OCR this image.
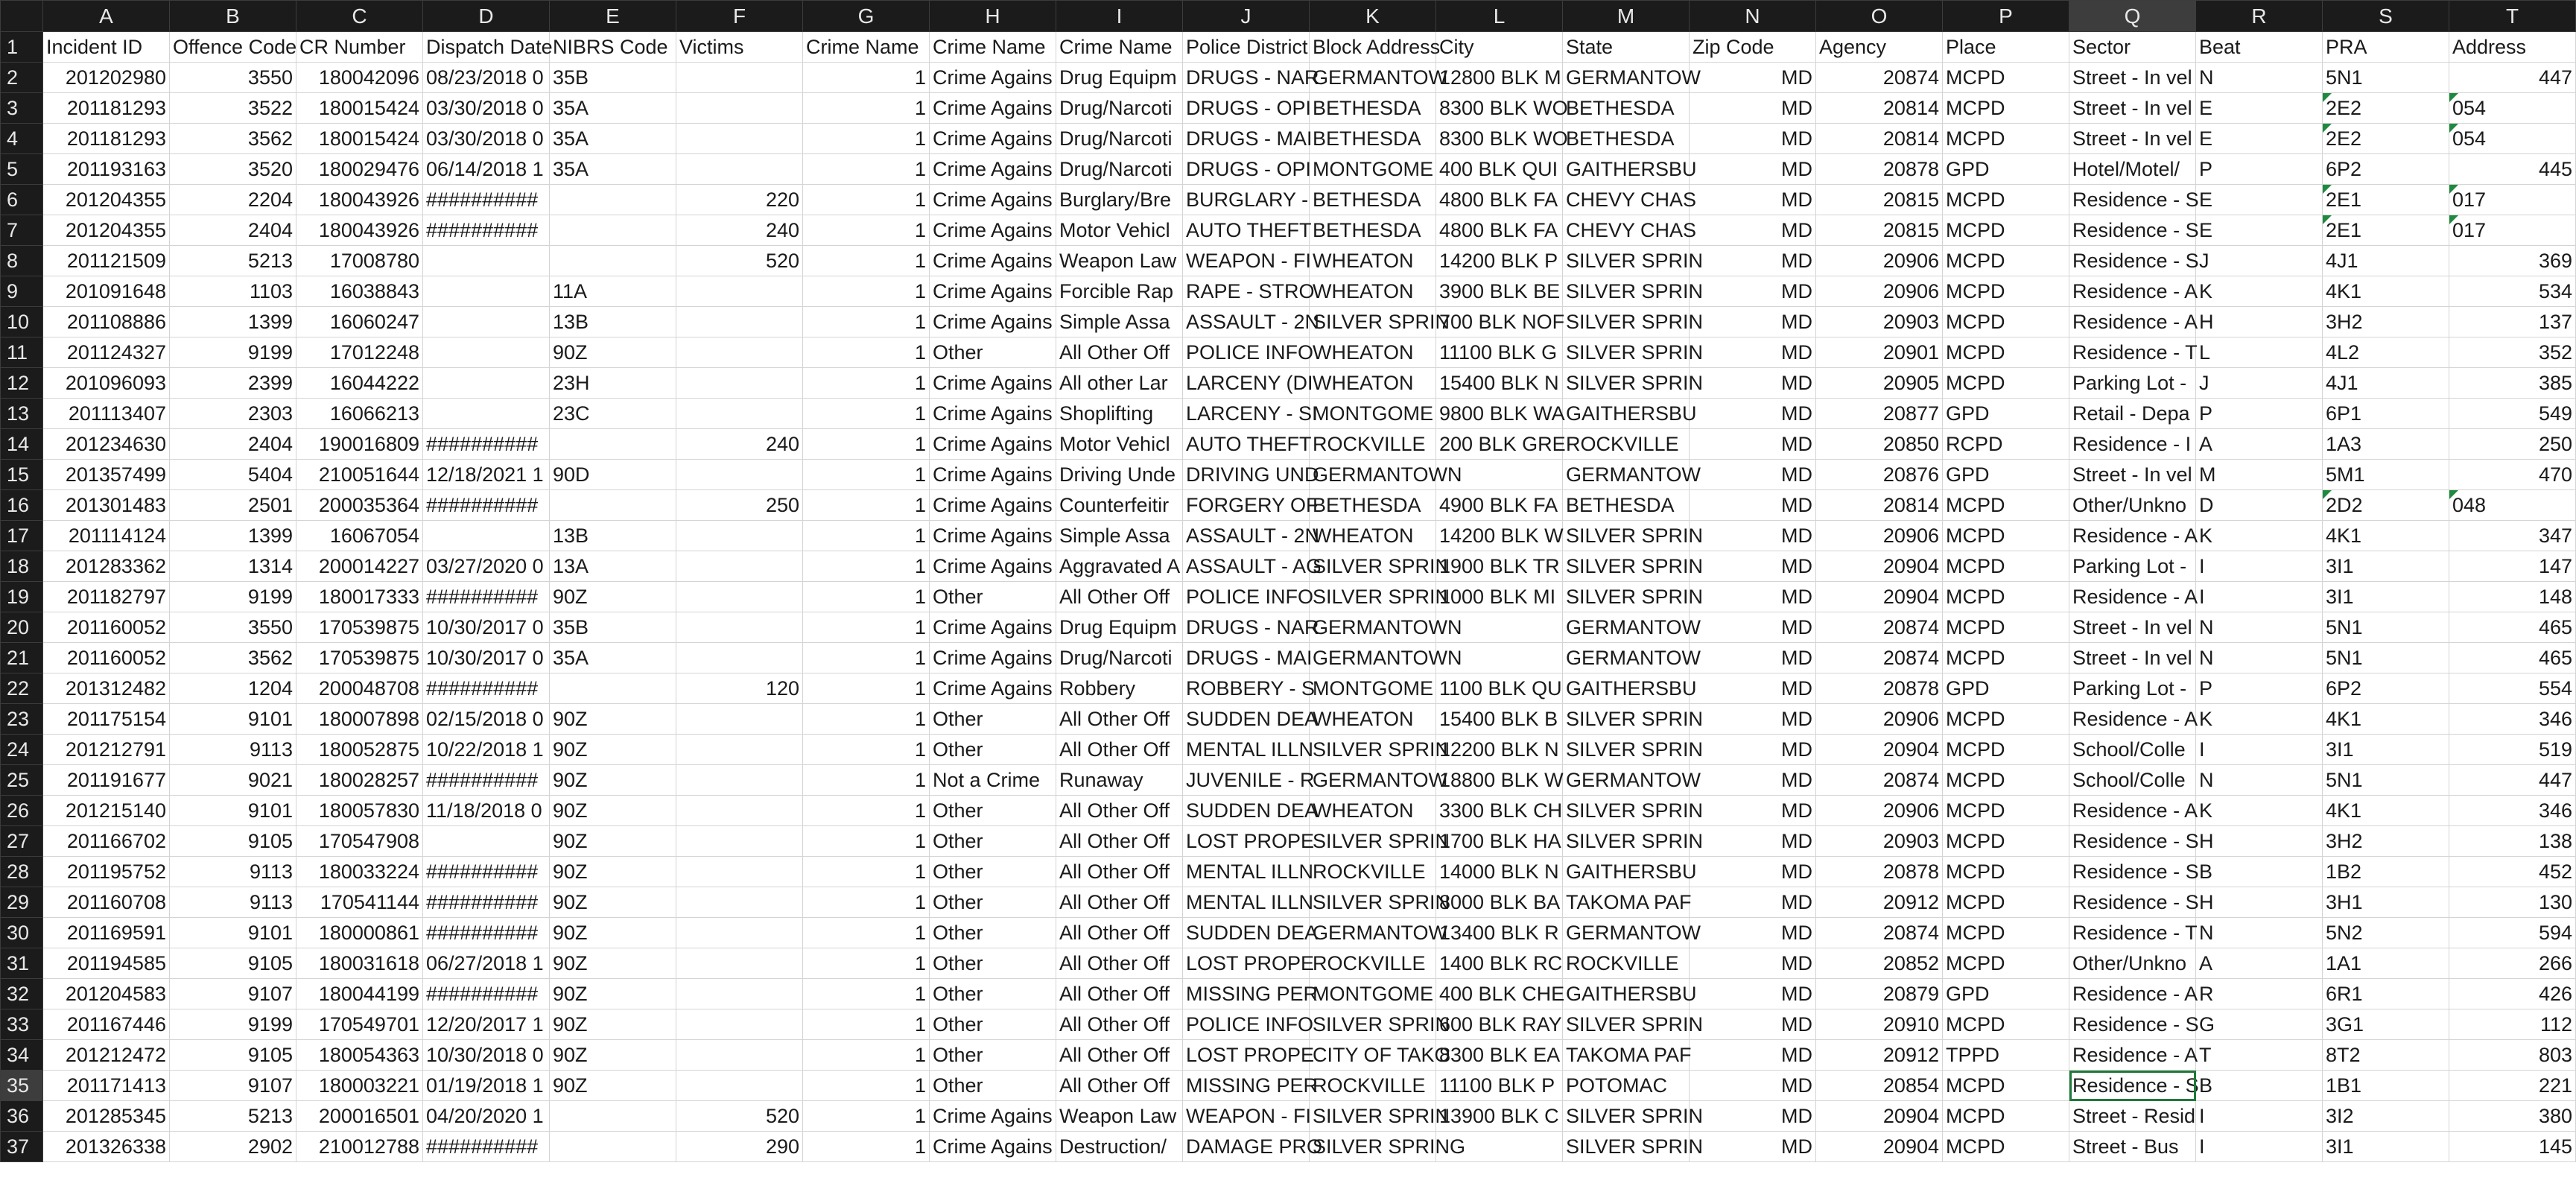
	A	B	C	D	E	F	G	H	I	J	K	L	M	N	O	P	Q	R	S	T
1	Incident ID	Offence Code	CR Number	Dispatch Date	NIBRS Code	Victims	Crime Name	Crime Name	Crime Name	Police District	Block Address	City	State	Zip Code	Agency	Place	Sector	Beat	PRA	Address
2	201202980	3550	180042096	08/23/2018 0	35B		1	Crime Agains	Drug Equipm	DRUGS - NAR	GERMANTOW	12800 BLK M	GERMANTOW	MD	20874	MCPD	Street - In vel	N	5N1	447
3	201181293	3522	180015424	03/30/2018 0	35A		1	Crime Agains	Drug/Narcoti	DRUGS - OPI	BETHESDA	8300 BLK WO	BETHESDA	MD	20814	MCPD	Street - In vel	E	2E2	054
4	201181293	3562	180015424	03/30/2018 0	35A		1	Crime Agains	Drug/Narcoti	DRUGS - MAI	BETHESDA	8300 BLK WO	BETHESDA	MD	20814	MCPD	Street - In vel	E	2E2	054
5	201193163	3520	180029476	06/14/2018 1	35A		1	Crime Agains	Drug/Narcoti	DRUGS - OPI	MONTGOME	400 BLK QUI	GAITHERSBU	MD	20878	GPD	Hotel/Motel/	P	6P2	445
6	201204355	2204	180043926	##########		220	1	Crime Agains	Burglary/Bre	BURGLARY -	BETHESDA	4800 BLK FA	CHEVY CHAS	MD	20815	MCPD	Residence - S	E	2E1	017
7	201204355	2404	180043926	##########		240	1	Crime Agains	Motor Vehicl	AUTO THEFT	BETHESDA	4800 BLK FA	CHEVY CHAS	MD	20815	MCPD	Residence - S	E	2E1	017
8	201121509	5213	17008780			520	1	Crime Agains	Weapon Law	WEAPON - FI	WHEATON	14200 BLK P	SILVER SPRIN	MD	20906	MCPD	Residence - S	J	4J1	369
9	201091648	1103	16038843		11A		1	Crime Agains	Forcible Rap	RAPE - STRO	WHEATON	3900 BLK BE	SILVER SPRIN	MD	20906	MCPD	Residence - A	K	4K1	534
10	201108886	1399	16060247		13B		1	Crime Agains	Simple Assa	ASSAULT - 2N	SILVER SPRIN	700 BLK NOF	SILVER SPRIN	MD	20903	MCPD	Residence - A	H	3H2	137
11	201124327	9199	17012248		90Z		1	Other	All Other Off	POLICE INFO	WHEATON	11100 BLK G	SILVER SPRIN	MD	20901	MCPD	Residence - T	L	4L2	352
12	201096093	2399	16044222		23H		1	Crime Agains	All other Lar	LARCENY (DI	WHEATON	15400 BLK N	SILVER SPRIN	MD	20905	MCPD	Parking Lot -	J	4J1	385
13	201113407	2303	16066213		23C		1	Crime Agains	Shoplifting	LARCENY - SI	MONTGOME	9800 BLK WA	GAITHERSBU	MD	20877	GPD	Retail - Depa	P	6P1	549
14	201234630	2404	190016809	##########		240	1	Crime Agains	Motor Vehicl	AUTO THEFT	ROCKVILLE	200 BLK GRE	ROCKVILLE	MD	20850	RCPD	Residence - I	A	1A3	250
15	201357499	5404	210051644	12/18/2021 1	90D		1	Crime Agains	Driving Unde	DRIVING UND	GERMANTOWN		GERMANTOW	MD	20876	GPD	Street - In vel	M	5M1	470
16	201301483	2501	200035364	##########		250	1	Crime Agains	Counterfeitir	FORGERY OF	BETHESDA	4900 BLK FA	BETHESDA	MD	20814	MCPD	Other/Unkno	D	2D2	048
17	201114124	1399	16067054		13B		1	Crime Agains	Simple Assa	ASSAULT - 2N	WHEATON	14200 BLK W	SILVER SPRIN	MD	20906	MCPD	Residence - A	K	4K1	347
18	201283362	1314	200014227	03/27/2020 0	13A		1	Crime Agains	Aggravated A	ASSAULT - AG	SILVER SPRIN	1900 BLK TR	SILVER SPRIN	MD	20904	MCPD	Parking Lot -	I	3I1	147
19	201182797	9199	180017333	##########	90Z		1	Other	All Other Off	POLICE INFO	SILVER SPRIN	1000 BLK MI	SILVER SPRIN	MD	20904	MCPD	Residence - A	I	3I1	148
20	201160052	3550	170539875	10/30/2017 0	35B		1	Crime Agains	Drug Equipm	DRUGS - NAR	GERMANTOWN		GERMANTOW	MD	20874	MCPD	Street - In vel	N	5N1	465
21	201160052	3562	170539875	10/30/2017 0	35A		1	Crime Agains	Drug/Narcoti	DRUGS - MAI	GERMANTOWN		GERMANTOW	MD	20874	MCPD	Street - In vel	N	5N1	465
22	201312482	1204	200048708	##########		120	1	Crime Agains	Robbery	ROBBERY - S	MONTGOME	1100 BLK QU	GAITHERSBU	MD	20878	GPD	Parking Lot -	P	6P2	554
23	201175154	9101	180007898	02/15/2018 0	90Z		1	Other	All Other Off	SUDDEN DEA	WHEATON	15400 BLK B	SILVER SPRIN	MD	20906	MCPD	Residence - A	K	4K1	346
24	201212791	9113	180052875	10/22/2018 1	90Z		1	Other	All Other Off	MENTAL ILLN	SILVER SPRIN	12200 BLK N	SILVER SPRIN	MD	20904	MCPD	School/Colle	I	3I1	519
25	201191677	9021	180028257	##########	90Z		1	Not a Crime	Runaway	JUVENILE - R	GERMANTOW	18800 BLK W	GERMANTOW	MD	20874	MCPD	School/Colle	N	5N1	447
26	201215140	9101	180057830	11/18/2018 0	90Z		1	Other	All Other Off	SUDDEN DEA	WHEATON	3300 BLK CH	SILVER SPRIN	MD	20906	MCPD	Residence - A	K	4K1	346
27	201166702	9105	170547908		90Z		1	Other	All Other Off	LOST PROPE	SILVER SPRIN	1700 BLK HA	SILVER SPRIN	MD	20903	MCPD	Residence - S	H	3H2	138
28	201195752	9113	180033224	##########	90Z		1	Other	All Other Off	MENTAL ILLN	ROCKVILLE	14000 BLK N	GAITHERSBU	MD	20878	MCPD	Residence - S	B	1B2	452
29	201160708	9113	170541144	##########	90Z		1	Other	All Other Off	MENTAL ILLN	SILVER SPRIN	8000 BLK BA	TAKOMA PAF	MD	20912	MCPD	Residence - S	H	3H1	130
30	201169591	9101	180000861	##########	90Z		1	Other	All Other Off	SUDDEN DEA	GERMANTOW	13400 BLK R	GERMANTOW	MD	20874	MCPD	Residence - T	N	5N2	594
31	201194585	9105	180031618	06/27/2018 1	90Z		1	Other	All Other Off	LOST PROPE	ROCKVILLE	1400 BLK RC	ROCKVILLE	MD	20852	MCPD	Other/Unkno	A	1A1	266
32	201204583	9107	180044199	##########	90Z		1	Other	All Other Off	MISSING PER	MONTGOME	400 BLK CHE	GAITHERSBU	MD	20879	GPD	Residence - A	R	6R1	426
33	201167446	9199	170549701	12/20/2017 1	90Z		1	Other	All Other Off	POLICE INFO	SILVER SPRIN	600 BLK RAY	SILVER SPRIN	MD	20910	MCPD	Residence - S	G	3G1	112
34	201212472	9105	180054363	10/30/2018 0	90Z		1	Other	All Other Off	LOST PROPE	CITY OF TAKO	8300 BLK EA	TAKOMA PAF	MD	20912	TPPD	Residence - A	T	8T2	803
35	201171413	9107	180003221	01/19/2018 1	90Z		1	Other	All Other Off	MISSING PER	ROCKVILLE	11100 BLK P	POTOMAC	MD	20854	MCPD	Residence - S	B	1B1	221
36	201285345	5213	200016501	04/20/2020 1		520	1	Crime Agains	Weapon Law	WEAPON - FI	SILVER SPRIN	13900 BLK C	SILVER SPRIN	MD	20904	MCPD	Street - Resid	I	3I2	380
37	201326338	2902	210012788	##########		290	1	Crime Agains	Destruction/	DAMAGE PRO	SILVER SPRING		SILVER SPRIN	MD	20904	MCPD	Street - Bus	I	3I1	145
